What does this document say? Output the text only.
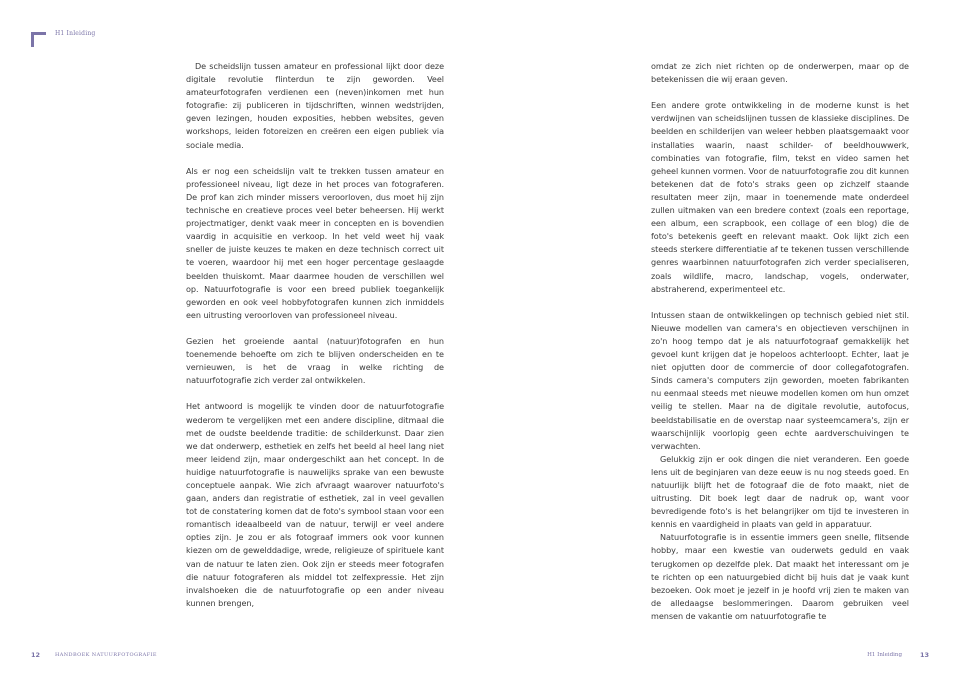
H1 Inleiding

De scheidslijn tussen amateur en professional lijkt door deze digitale revolutie flinterdun te zijn geworden. Veel amateurfotografen verdienen een (neven)inkomen met hun fotografie: zij publiceren in tijdschriften, winnen wedstrijden, geven lezingen, houden exposities, hebben websites, geven workshops, leiden fotoreizen en creëren een eigen publiek via sociale media.

Als er nog een scheidslijn valt te trekken tussen amateur en professioneel niveau, ligt deze in het proces van fotograferen. De prof kan zich minder missers veroorloven, dus moet hij zijn technische en creatieve proces veel beter beheersen. Hij werkt projectmatiger, denkt vaak meer in concepten en is bovendien vaardig in acquisitie en verkoop. In het veld weet hij vaak sneller de juiste keuzes te maken en deze technisch correct uit te voeren, waardoor hij met een hoger percentage geslaagde beelden thuiskomt. Maar daarmee houden de verschillen wel op. Natuurfotografie is voor een breed publiek toegankelijk geworden en ook veel hobbyfotografen kunnen zich inmiddels een uitrusting veroorloven van professioneel niveau.

Gezien het groeiende aantal (natuur)fotografen en hun toenemende behoefte om zich te blijven onderscheiden en te vernieuwen, is het de vraag in welke richting de natuurfotografie zich verder zal ontwikkelen.

Het antwoord is mogelijk te vinden door de natuurfotografie wederom te vergelijken met een andere discipline, ditmaal die met de oudste beeldende traditie: de schilderkunst. Daar zien we dat onderwerp, esthetiek en zelfs het beeld al heel lang niet meer leidend zijn, maar ondergeschikt aan het concept. In de huidige natuurfotografie is nauwelijks sprake van een bewuste conceptuele aanpak. Wie zich afvraagt waarover natuurfoto's gaan, anders dan registratie of esthetiek, zal in veel gevallen tot de constatering komen dat de foto's symbool staan voor een romantisch ideaalbeeld van de natuur, terwijl er veel andere opties zijn. Je zou er als fotograaf immers ook voor kunnen kiezen om de gewelddadige, wrede, religieuze of spirituele kant van de natuur te laten zien. Ook zijn er steeds meer fotografen die natuur fotograferen als middel tot zelfexpressie. Het zijn invalshoeken die de natuurfotografie op een ander niveau kunnen brengen,

omdat ze zich niet richten op de onderwerpen, maar op de betekenissen die wij eraan geven.

Een andere grote ontwikkeling in de moderne kunst is het verdwijnen van scheidslijnen tussen de klassieke disciplines. De beelden en schilderijen van weleer hebben plaatsgemaakt voor installaties waarin, naast schilder- of beeldhouwwerk, combinaties van fotografie, film, tekst en video samen het geheel kunnen vormen. Voor de natuurfotografie zou dit kunnen betekenen dat de foto's straks geen op zichzelf staande resultaten meer zijn, maar in toenemende mate onderdeel zullen uitmaken van een bredere context (zoals een reportage, een album, een scrapbook, een collage of een blog) die de foto's betekenis geeft en relevant maakt. Ook lijkt zich een steeds sterkere differentiatie af te tekenen tussen verschillende genres waarbinnen natuurfotografen zich verder specialiseren, zoals wildlife, macro, landschap, vogels, onderwater, abstraherend, experimenteel etc.

Intussen staan de ontwikkelingen op technisch gebied niet stil. Nieuwe modellen van camera's en objectieven verschijnen in zo'n hoog tempo dat je als natuurfotograaf gemakkelijk het gevoel kunt krijgen dat je hopeloos achterloopt. Echter, laat je niet opjutten door de commercie of door collegafotografen. Sinds camera's computers zijn geworden, moeten fabrikanten nu eenmaal steeds met nieuwe modellen komen om hun omzet veilig te stellen. Maar na de digitale revolutie, autofocus, beeldstabilisatie en de overstap naar systeemcamera's, zijn er waarschijnlijk voorlopig geen echte aardverschuivingen te verwachten.

Gelukkig zijn er ook dingen die niet veranderen. Een goede lens uit de beginjaren van deze eeuw is nu nog steeds goed. En natuurlijk blijft het de fotograaf die de foto maakt, niet de uitrusting. Dit boek legt daar de nadruk op, want voor bevredigende foto's is het belangrijker om tijd te investeren in kennis en vaardigheid in plaats van geld in apparatuur.

Natuurfotografie is in essentie immers geen snelle, flitsende hobby, maar een kwestie van ouderwets geduld en vaak terugkomen op dezelfde plek. Dat maakt het interessant om je te richten op een natuurgebied dicht bij huis dat je vaak kunt bezoeken. Ook moet je jezelf in je hoofd vrij zien te maken van de alledaagse beslommeringen. Daarom gebruiken veel mensen de vakantie om natuurfotografie te

12	HANDBOEK NATUURFOTOGRAFIE	H1 Inleiding	13
